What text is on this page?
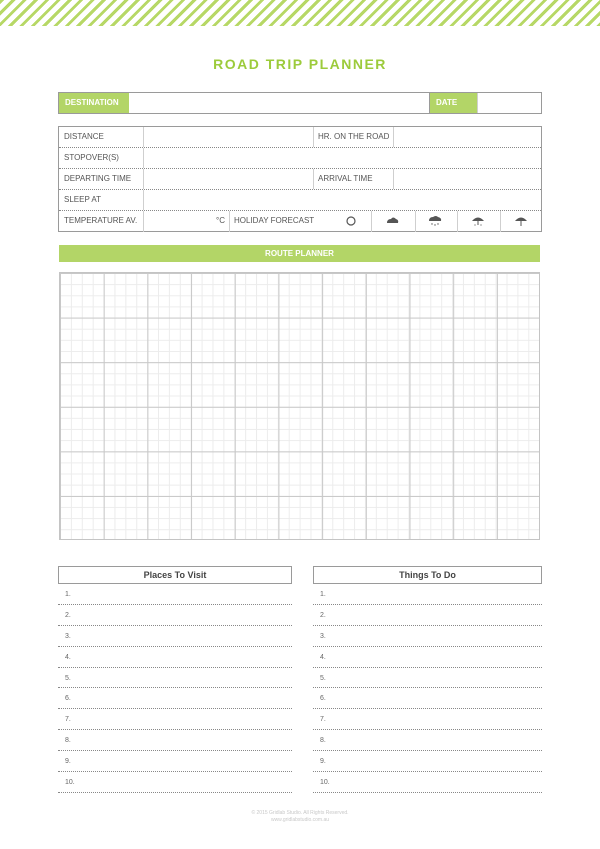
ROAD TRIP PLANNER
DESTINATION	DATE
DISTANCE	HR. ON THE ROAD
STOPOVER(S)
DEPARTING TIME	ARRIVAL TIME
SLEEP AT
TEMPERATURE AV.	°C	HOLIDAY FORECAST
ROUTE PLANNER
Places To Visit
1.
2.
3.
4.
5.
6.
7.
8.
9.
10.
Things To Do
1.
2.
3.
4.
5.
6.
7.
8.
9.
10.
© 2015 Gridlab Studio. All Rights Reserved.
www.gridlabstudio.com.au
